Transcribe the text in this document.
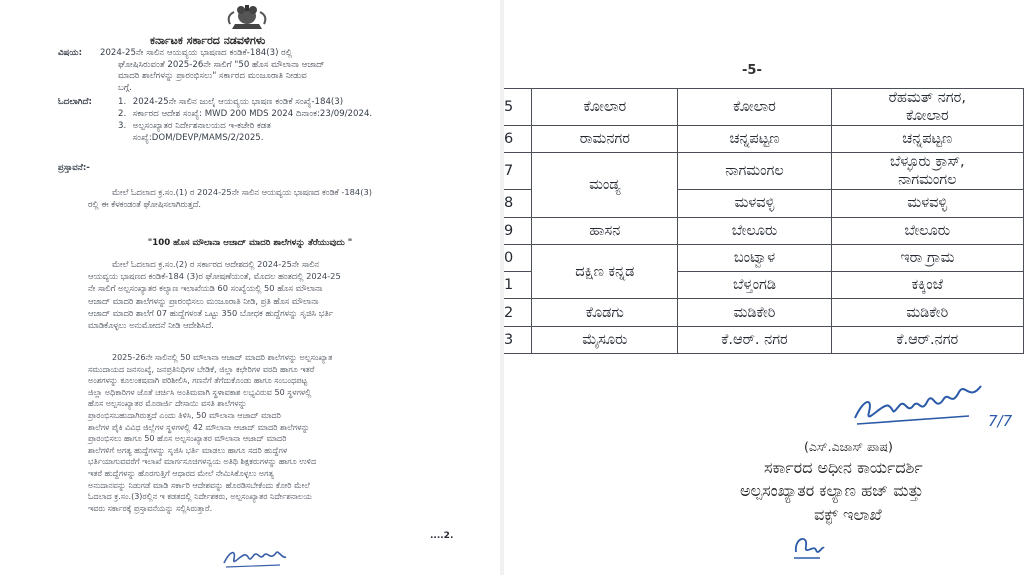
ಕರ್ನಾಟಕ ಸರ್ಕಾರದ ನಡವಳಿಗಳು
ವಿಷಯ: 2024-25ನೇ ಸಾಲಿನ ಆಯವ್ಯಯ ಭಾಷಣದ ಕಂಡಿಕೆ-184(3) ರಲ್ಲಿ
ಘೋಷಿಸಿರುವಂತೆ 2025-26ನೇ ಸಾಲಿಗೆ "50 ಹೊಸ ಮೌಲಾನಾ ಆಜಾದ್
ಮಾದರಿ ಶಾಲೆಗಳನ್ನು ಪ್ರಾರಂಭಿಸಲು" ಸರ್ಕಾರದ ಮಂಜೂರಾತಿ ನೀಡುವ
ಬಗ್ಗೆ.
ಓದಲಾಗಿದೆ:	1. 2024-25ನೇ ಸಾಲಿನ ಜುಲೈ ಆಯವ್ಯಯ ಭಾಷಣ ಕಂಡಿಕೆ ಸಂಖ್ಯೆ-184(3)
2. ಸರ್ಕಾರದ ಆದೇಶ ಸಂಖ್ಯೆ: MWD 200 MDS 2024 ದಿನಾಂಕ:23/09/2024.
3. ಅಲ್ಪಸಂಖ್ಯಾತರ ನಿರ್ದೇಶನಾಲಯದ ಇ-ಕಚೇರಿ ಕಡತ
ಸಂಖ್ಯೆ:DOM/DEVP/MAMS/2/2025.
ಪ್ರಸ್ತಾವನೆ:-
ಮೇಲೆ ಓದಲಾದ ಕ್ರ.ಸಂ.(1) ರ 2024-25ನೇ ಸಾಲಿನ ಆಯವ್ಯಯ ಭಾಷಣದ ಕಂಡಿಕೆ -184(3)
ರಲ್ಲಿ ಈ ಕೆಳಕಂಡಂತೆ ಘೋಷಿಸಲಾಗಿರುತ್ತದೆ.
"100 ಹೊಸ ಮೌಲಾನಾ ಆಜಾದ್ ಮಾದರಿ ಶಾಲೆಗಳನ್ನು ತೆರೆಯುವುದು "
ಮೇಲೆ ಓದಲಾದ ಕ್ರ.ಸಂ.(2) ರ ಸರ್ಕಾರದ ಆದೇಶದಲ್ಲಿ 2024-25ನೇ ಸಾಲಿನ
ಆಯವ್ಯಯ ಭಾಷಣದ ಕಂಡಿಕೆ-184 (3)ರ ಘೋಷಣೆಯಂತೆ, ಮೊದಲ ಹಂತದಲ್ಲಿ 2024-25
ನೇ ಸಾಲಿಗೆ ಅಲ್ಪಸಂಖ್ಯಾತರ ಕಲ್ಯಾಣ ಇಲಾಖೆಯಡಿ 60 ಸಂಖ್ಯೆಯಲ್ಲಿ 50 ಹೊಸ ಮೌಲಾನಾ
ಆಜಾದ್ ಮಾದರಿ ಶಾಲೆಗಳನ್ನು ಪ್ರಾರಂಭಿಸಲು ಮಂಜೂರಾತಿ ನೀಡಿ, ಪ್ರತಿ ಹೊಸ ಮೌಲಾನಾ
ಆಜಾದ್ ಮಾದರಿ ಶಾಲೆಗೆ 07 ಹುದ್ದೆಗಳಂತೆ ಒಟ್ಟು 350 ಬೋಧಕ ಹುದ್ದೆಗಳನ್ನು ಸೃಜಿಸಿ ಭರ್ತಿ
ಮಾಡಿಕೊಳ್ಳಲು ಅನುಮೋದನೆ ನೀಡಿ ಆದೇಶಿಸಿದೆ.
2025-26ನೇ ಸಾಲಿನಲ್ಲಿ 50 ಮೌಲಾನಾ ಆಜಾದ್ ಮಾದರಿ ಶಾಲೆಗಳನ್ನು ಅಲ್ಪಸಂಖ್ಯಾತ
ಸಮುದಾಯದ ಜನಸಂಖ್ಯೆ, ಜನಪ್ರತಿನಿಧಿಗಳ ಬೇಡಿಕೆ, ಜಿಲ್ಲಾ ಕಛೇರಿಗಳ ವರದಿ ಹಾಗೂ ಇತರೆ
ಅಂಶಗಳನ್ನು ಕೂಲಂಕಷವಾಗಿ ಪರಿಶೀಲಿಸಿ, ಗಣನೆಗೆ ತೆಗೆದುಕೊಂಡು ಹಾಗೂ ಸಂಬಂಧಪಟ್ಟ
ಜಿಲ್ಲಾ ಅಧಿಕಾರಿಗಳ ಜೊತೆ ಚರ್ಚಿಸಿ ಅಂತಿಮವಾಗಿ ಸ್ಥಳಾವಕಾಶ ಲಭ್ಯವಿರುವ 50 ಸ್ಥಳಗಳಲ್ಲಿ
ಹೊಸ ಅಲ್ಪಸಂಖ್ಯಾತರ ಮೊರಾರ್ಜಿ ದೇಸಾಯಿ ವಸತಿ ಶಾಲೆಗಳನ್ನು
ಪ್ರಾರಂಭಿಸಬಹುದಾಗಿರುತ್ತದೆ ಎಂದು ತಿಳಿಸಿ, 50 ಮೌಲಾನಾ ಆಜಾದ್ ಮಾದರಿ
ಶಾಲೆಗಳ ಪೈಕಿ ವಿವಿಧ ಜಿಲ್ಲೆಗಳ ಸ್ಥಳಗಳಲ್ಲಿ 42 ಮೌಲಾನಾ ಆಜಾದ್ ಮಾದರಿ ಶಾಲೆಗಳನ್ನು
ಪ್ರಾರಂಭಿಸಲು ಹಾಗೂ 50 ಹೊಸ ಅಲ್ಪಸಂಖ್ಯಾತರ ಮೌಲಾನಾ ಆಜಾದ್ ಮಾದರಿ
ಶಾಲೆಗಳಿಗೆ ಅಗತ್ಯ ಹುದ್ದೆಗಳನ್ನು ಸೃಜಿಸಿ ಭರ್ತಿ ಮಾಡಲು ಹಾಗೂ ಸದರಿ ಹುದ್ದೆಗಳ
ಭರ್ತಿಯಾಗುವವರೆಗೆ ಇಲಾಖೆ ಮಾರ್ಗಸೂಚಿಗಳನ್ವಯ ಅತಿಥಿ ಶಿಕ್ಷಕರುಗಳನ್ನು ಹಾಗೂ ಉಳಿದ
ಇತರೆ ಹುದ್ದೆಗಳನ್ನು ಹೊರಗುತ್ತಿಗೆ ಆಧಾರದ ಮೇಲೆ ನೇಮಿಸಿಕೊಳ್ಳಲು ಅಗತ್ಯ
ಅನುದಾನವನ್ನು ನಿಡುಗಡೆ ಮಾಡಿ ಸರ್ಕಾರಿ ಆದೇಶವನ್ನು ಹೊರಡಿಸಬೇಕೆಂದು ಕೋರಿ ಮೇಲೆ
ಓದಲಾದ ಕ್ರ.ಸಂ.(3)ರಲ್ಲಿನ ಇ ಕಡತದಲ್ಲಿ ನಿರ್ದೇಶಕರು, ಅಲ್ಪಸಂಖ್ಯಾತರ ನಿರ್ದೇಶನಾಲಯ
ಇವರು ಸರ್ಕಾರಕ್ಕೆ ಪ್ರಸ್ತಾವನೆಯನ್ನು ಸಲ್ಲಿಸಿರುತ್ತಾರೆ.
....2.
-5-
5	ಕೋಲಾರ	ಕೋಲಾರ	ರೆಹಮತ್ ನಗರ,
ಕೋಲಾರ

6	ರಾಮನಗರ	ಚನ್ನಪಟ್ಟಣ	ಚನ್ನಪಟ್ಟಣ
7	ಮಂಡ್ಯ	ನಾಗಮಂಗಲ	ಬೆಳ್ಳೂರು ಕ್ರಾಸ್,
ನಾಗಮಂಗಲ

8		ಮಳವಳ್ಳಿ	ಮಳವಳ್ಳಿ
9	ಹಾಸನ	ಬೇಲೂರು	ಬೇಲೂರು
0	ದಕ್ಷಿಣ ಕನ್ನಡ	ಬಂಟ್ವಾಳ	ಇರಾ ಗ್ರಾಮ
1		ಬೆಳ್ತಂಗಡಿ	ಕಕ್ಕಿಂಜೆ
2	ಕೊಡಗು	ಮಡಿಕೇರಿ	ಮಡಿಕೇರಿ
3	ಮೈಸೂರು	ಕೆ.ಆರ್. ನಗರ	ಕೆ.ಆರ್.ನಗರ
7/7
(ಎಸ್.ಎಜಾಸ್ ಪಾಷ)
ಸರ್ಕಾರದ ಅಧೀನ ಕಾರ್ಯದರ್ಶಿ
ಅಲ್ಪಸಂಖ್ಯಾತರ ಕಲ್ಯಾಣ ಹಜ್ ಮತ್ತು
ವಕ್ಫ್ ಇಲಾಖೆ
